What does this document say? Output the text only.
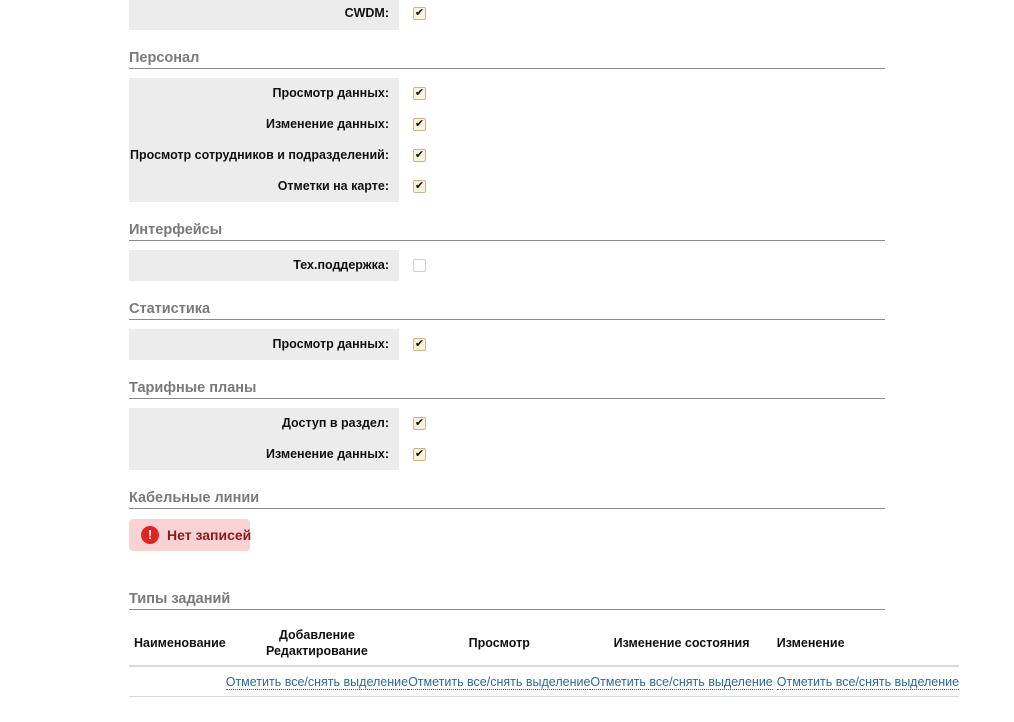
CWDM: ✔
Персонал
Просмотр данных: ✔
Изменение данных: ✔
Просмотр сотрудников и подразделений: ✔
Отметки на карте: ✔
Интерфейсы
Тех.поддержка:
Статистика
Просмотр данных: ✔
Тарифные планы
Доступ в раздел: ✔
Изменение данных: ✔
Кабельные линии
!	Нет записей
Типы заданий
Наименование	Добавление Редактирование	Просмотр	Изменение состояния	Изменение
	Отметить все/снять выделение	Отметить все/снять выделение	Отметить все/снять выделение	Отметить все/снять выделение
